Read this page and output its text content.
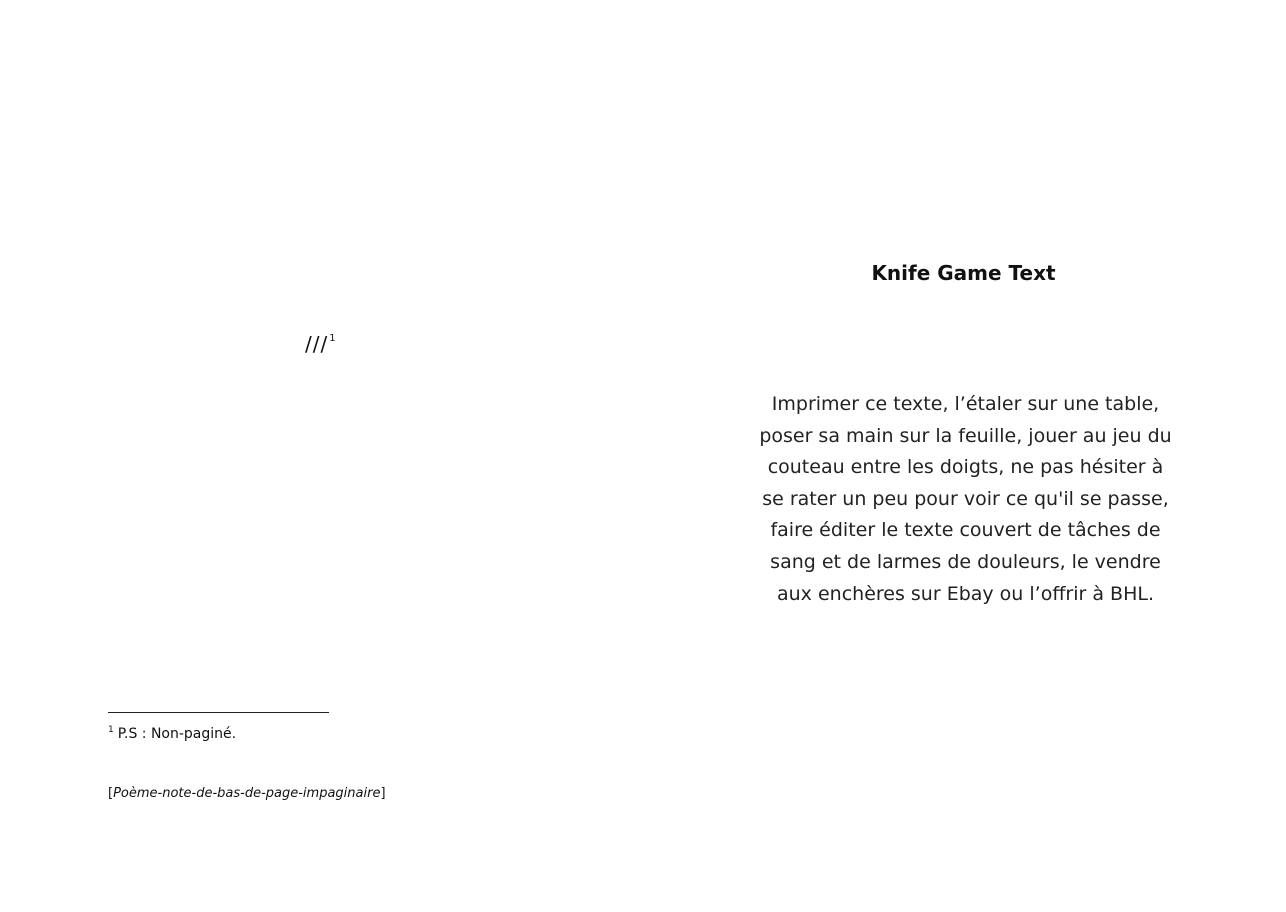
///$^1$
$^1$ P.S : Non-paginé.
[Poème-note-de-bas-de-page-impaginaire]
Knife Game Text
Imprimer ce texte, l’étaler sur une table,
poser sa main sur la feuille, jouer au jeu du
couteau entre les doigts, ne pas hésiter à
se rater un peu pour voir ce qu'il se passe,
faire éditer le texte couvert de tâches de
sang et de larmes de douleurs, le vendre
aux enchères sur Ebay ou l’offrir à BHL.
